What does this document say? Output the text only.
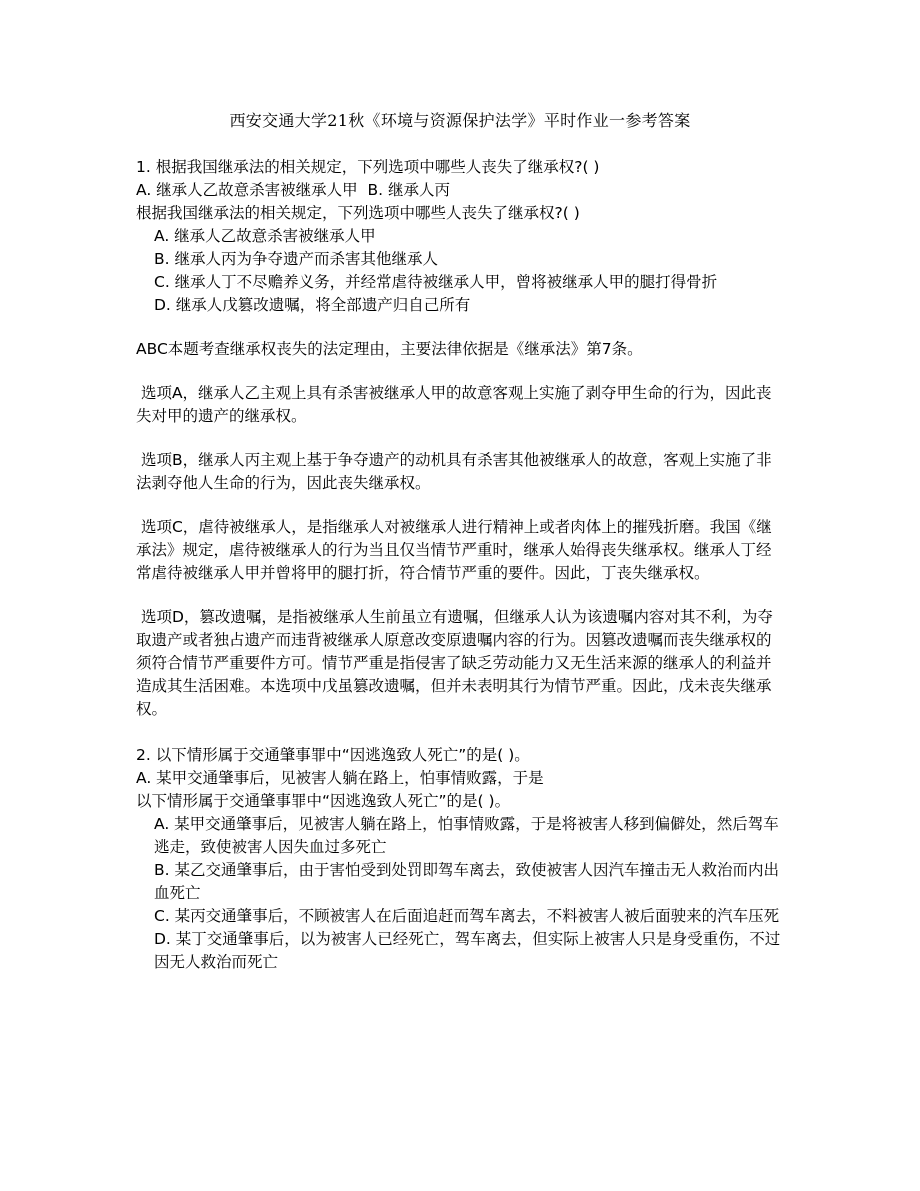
西安交通大学21秋《环境与资源保护法学》平时作业一参考答案

1. 根据我国继承法的相关规定，下列选项中哪些人丧失了继承权?( )

A. 继承人乙故意杀害被继承人甲  B. 继承人丙

根据我国继承法的相关规定，下列选项中哪些人丧失了继承权?( )

A. 继承人乙故意杀害被继承人甲

B. 继承人丙为争夺遗产而杀害其他继承人

C. 继承人丁不尽赡养义务，并经常虐待被继承人甲，曾将被继承人甲的腿打得骨折

D. 继承人戊篡改遗嘱，将全部遗产归自己所有

ABC本题考查继承权丧失的法定理由，主要法律依据是《继承法》第7条。

选项A，继承人乙主观上具有杀害被继承人甲的故意客观上实施了剥夺甲生命的行为，因此丧失对甲的遗产的继承权。

选项B，继承人丙主观上基于争夺遗产的动机具有杀害其他被继承人的故意，客观上实施了非法剥夺他人生命的行为，因此丧失继承权。

选项C，虐待被继承人，是指继承人对被继承人进行精神上或者肉体上的摧残折磨。我国《继承法》规定，虐待被继承人的行为当且仅当情节严重时，继承人始得丧失继承权。继承人丁经常虐待被继承人甲并曾将甲的腿打折，符合情节严重的要件。因此，丁丧失继承权。

选项D，篡改遗嘱，是指被继承人生前虽立有遗嘱，但继承人认为该遗嘱内容对其不利，为夺取遗产或者独占遗产而违背被继承人原意改变原遗嘱内容的行为。因篡改遗嘱而丧失继承权的须符合情节严重要件方可。情节严重是指侵害了缺乏劳动能力又无生活来源的继承人的利益并造成其生活困难。本选项中戊虽篡改遗嘱，但并未表明其行为情节严重。因此，戊未丧失继承权。

2. 以下情形属于交通肇事罪中“因逃逸致人死亡”的是( )。

A. 某甲交通肇事后，见被害人躺在路上，怕事情败露，于是

以下情形属于交通肇事罪中“因逃逸致人死亡”的是( )。

A. 某甲交通肇事后，见被害人躺在路上，怕事情败露，于是将被害人移到偏僻处，然后驾车逃走，致使被害人因失血过多死亡

B. 某乙交通肇事后，由于害怕受到处罚即驾车离去，致使被害人因汽车撞击无人救治而内出血死亡

C. 某丙交通肇事后，不顾被害人在后面追赶而驾车离去，不料被害人被后面驶来的汽车压死

D. 某丁交通肇事后，以为被害人已经死亡，驾车离去，但实际上被害人只是身受重伤，不过因无人救治而死亡
